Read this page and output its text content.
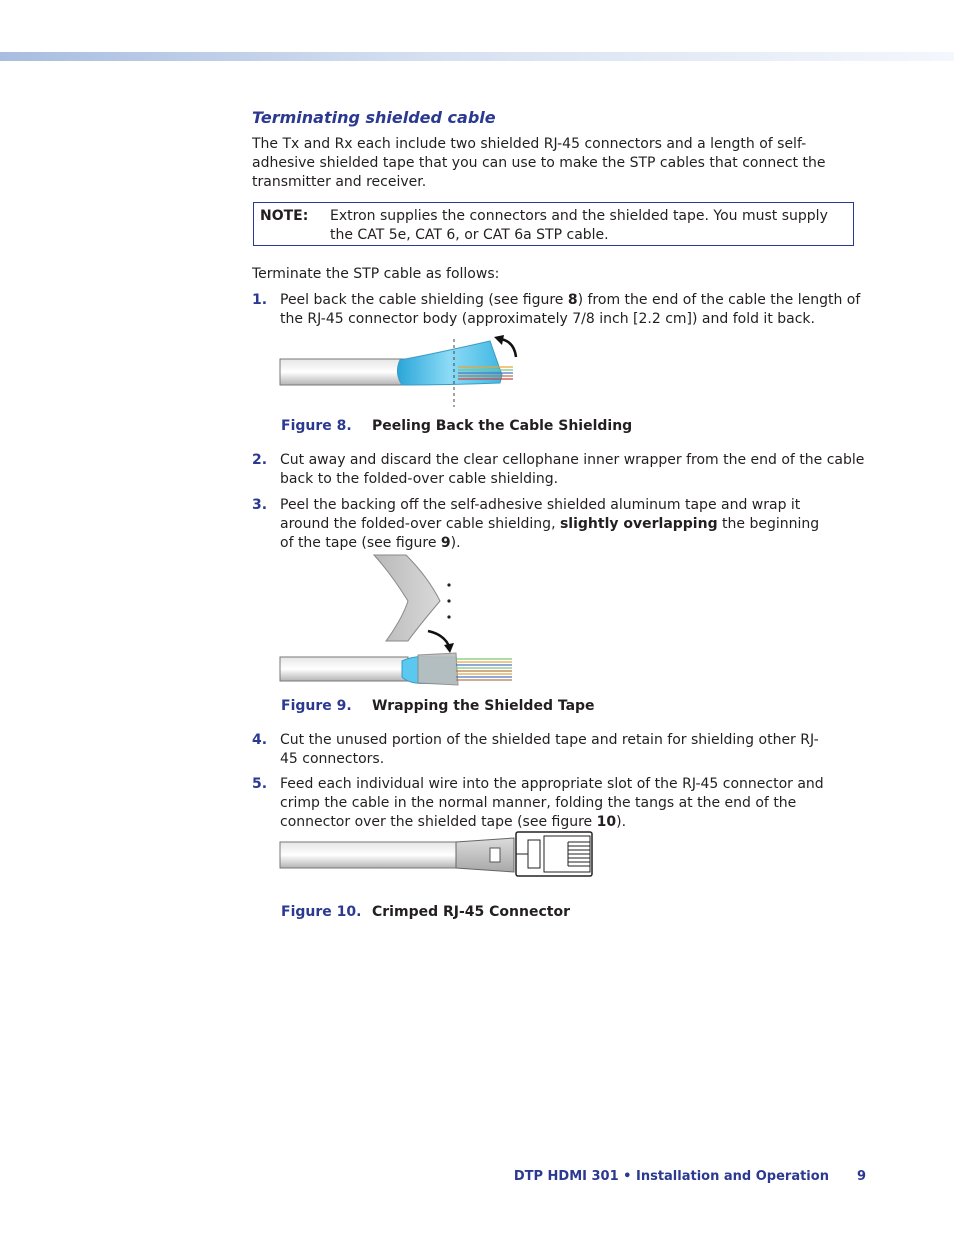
Terminating shielded cable

The Tx and Rx each include two shielded RJ-45 connectors and a length of self-adhesive shielded tape that you can use to make the STP cables that connect the transmitter and receiver.

NOTE: Extron supplies the connectors and the shielded tape. You must supply the CAT 5e, CAT 6, or CAT 6a STP cable.

Terminate the STP cable as follows:

1. Peel back the cable shielding (see figure 8) from the end of the cable the length of the RJ-45 connector body (approximately 7/8 inch [2.2 cm]) and fold it back.
Figure 8. Peeling Back the Cable Shielding
2. Cut away and discard the clear cellophane inner wrapper from the end of the cable back to the folded-over cable shielding.
3. Peel the backing off the self-adhesive shielded aluminum tape and wrap it around the folded-over cable shielding, slightly overlapping the beginning of the tape (see figure 9).
Figure 9. Wrapping the Shielded Tape
4. Cut the unused portion of the shielded tape and retain for shielding other RJ-45 connectors.
5. Feed each individual wire into the appropriate slot of the RJ-45 connector and crimp the cable in the normal manner, folding the tangs at the end of the connector over the shielded tape (see figure 10).
Figure 10. Crimped RJ-45 Connector
DTP HDMI 301 • Installation and Operation 9
